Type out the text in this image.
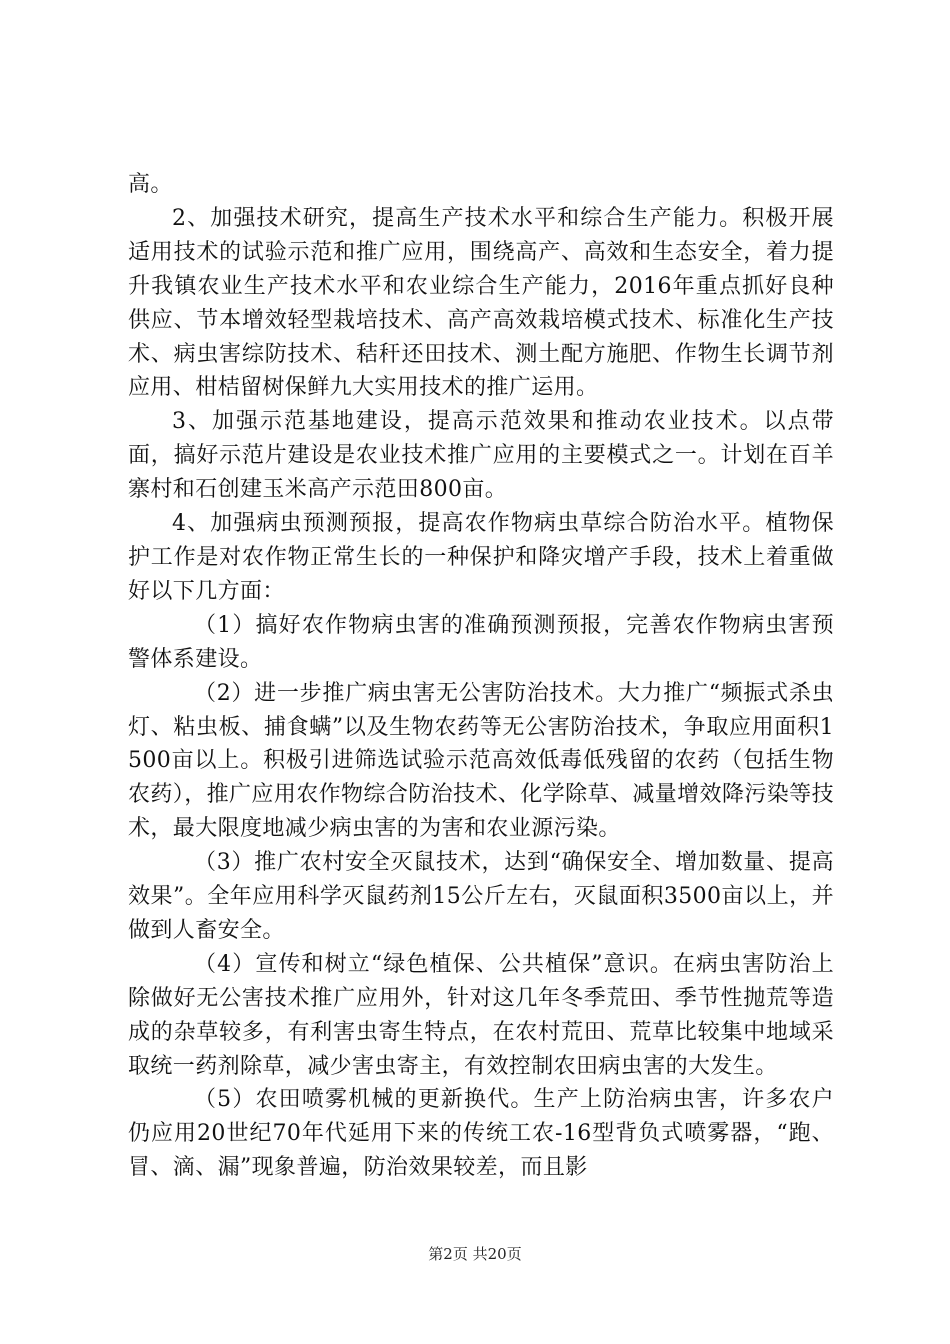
高。

2、加强技术研究，提高生产技术水平和综合生产能力。积极开展适用技术的试验示范和推广应用，围绕高产、高效和生态安全，着力提升我镇农业生产技术水平和农业综合生产能力，2016年重点抓好良种供应、节本增效轻型栽培技术、高产高效栽培模式技术、标准化生产技术、病虫害综防技术、秸秆还田技术、测土配方施肥、作物生长调节剂应用、柑桔留树保鲜九大实用技术的推广运用。

3、加强示范基地建设，提高示范效果和推动农业技术。以点带面，搞好示范片建设是农业技术推广应用的主要模式之一。计划在百羊寨村和石创建玉米高产示范田800亩。

4、加强病虫预测预报，提高农作物病虫草综合防治水平。植物保护工作是对农作物正常生长的一种保护和降灾增产手段，技术上着重做好以下几方面：

（1）搞好农作物病虫害的准确预测预报，完善农作物病虫害预警体系建设。

（2）进一步推广病虫害无公害防治技术。大力推广“频振式杀虫灯、粘虫板、捕食螨”以及生物农药等无公害防治技术，争取应用面积1500亩以上。积极引进筛选试验示范高效低毒低残留的农药（包括生物农药），推广应用农作物综合防治技术、化学除草、减量增效降污染等技术，最大限度地减少病虫害的为害和农业源污染。

（3）推广农村安全灭鼠技术，达到“确保安全、增加数量、提高效果”。全年应用科学灭鼠药剂15公斤左右，灭鼠面积3500亩以上，并做到人畜安全。

（4）宣传和树立“绿色植保、公共植保”意识。在病虫害防治上除做好无公害技术推广应用外，针对这几年冬季荒田、季节性抛荒等造成的杂草较多，有利害虫寄生特点，在农村荒田、荒草比较集中地域采取统一药剂除草，减少害虫寄主，有效控制农田病虫害的大发生。

（5）农田喷雾机械的更新换代。生产上防治病虫害，许多农户仍应用20世纪70年代延用下来的传统工农-16型背负式喷雾器，“跑、冒、滴、漏”现象普遍，防治效果较差，而且影

第2页 共20页
